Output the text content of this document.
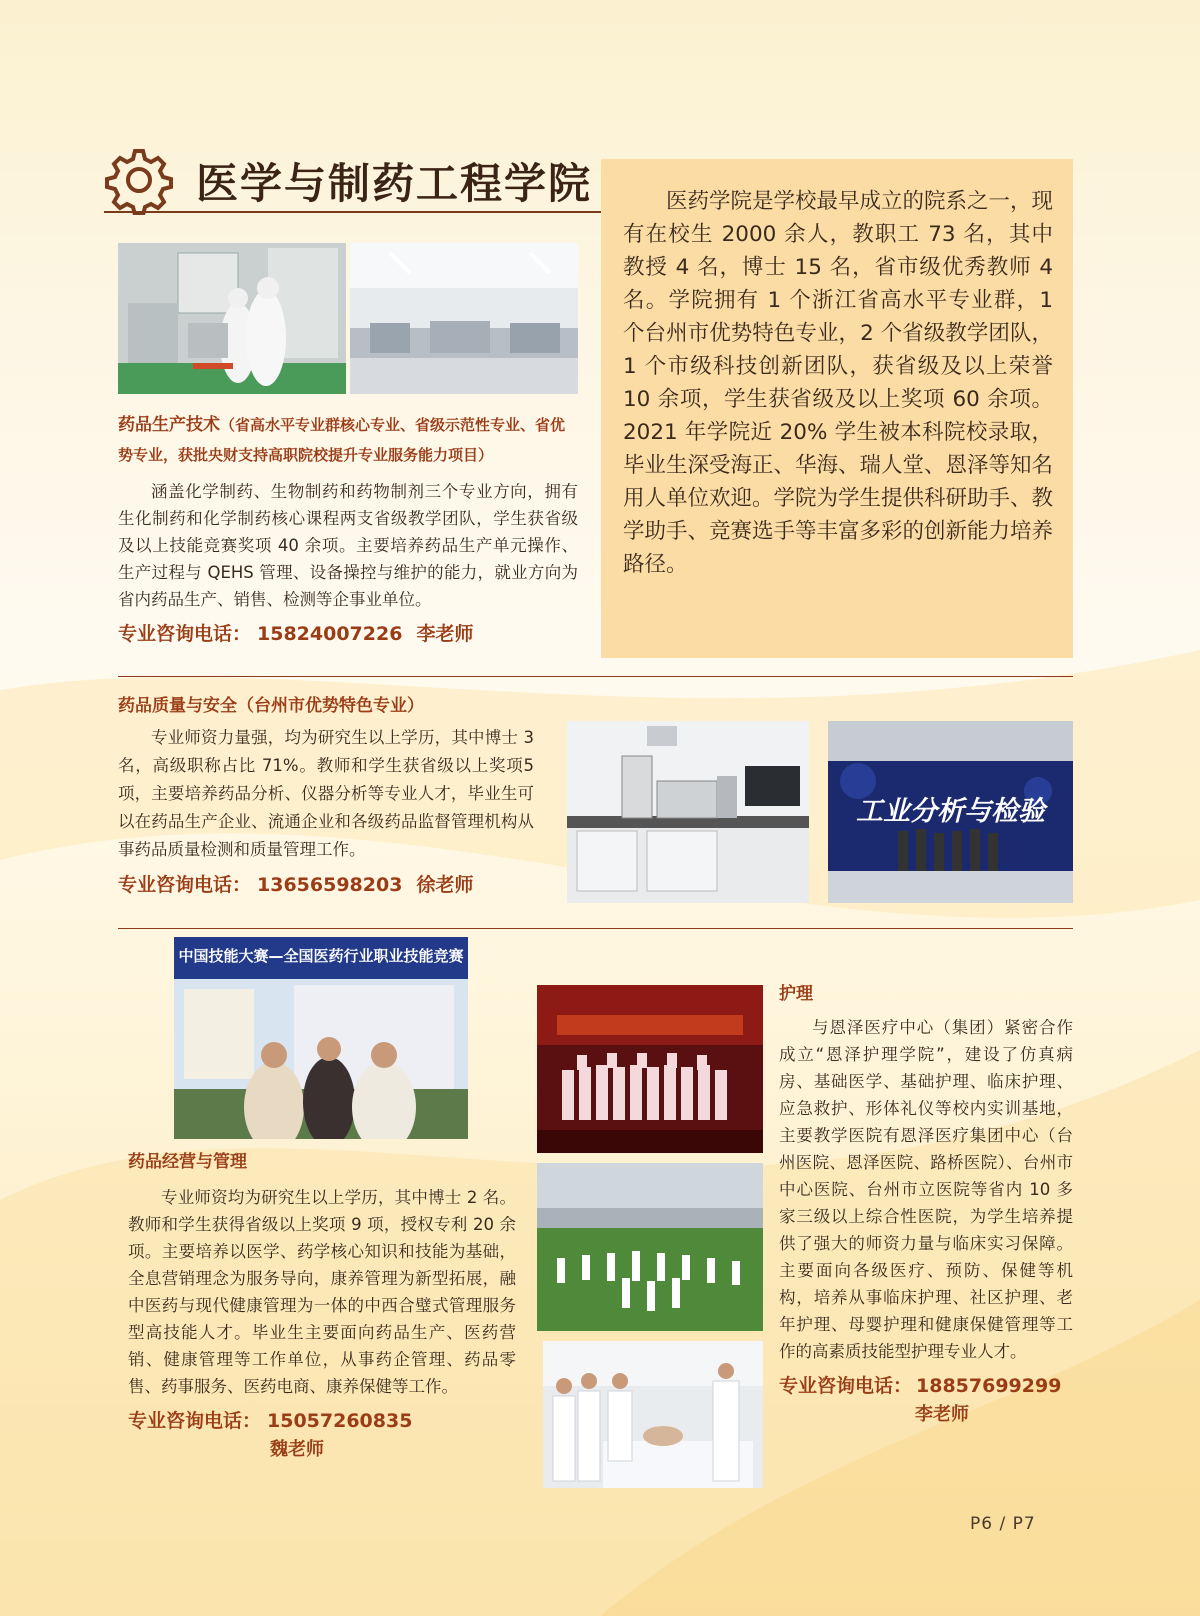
医学与制药工程学院	医药学院是学校最早成立的院系之一，现有在校生 2000 余人，教职工 73 名，其中教授 4 名，博士 15 名，省市级优秀教师 4 名。学院拥有 1 个浙江省高水平专业群，1 个台州市优势特色专业，2 个省级教学团队，1 个市级科技创新团队，获省级及以上荣誉 10 余项，学生获省级及以上奖项 60 余项。2021 年学院近 20% 学生被本科院校录取，毕业生深受海正、华海、瑞人堂、恩泽等知名用人单位欢迎。学院为学生提供科研助手、教学助手、竞赛选手等丰富多彩的创新能力培养路径。
药品生产技术（省高水平专业群核心专业、省级示范性专业、省优势专业，获批央财支持高职院校提升专业服务能力项目）
涵盖化学制药、生物制药和药物制剂三个专业方向，拥有生化制药和化学制药核心课程两支省级教学团队，学生获省级及以上技能竞赛奖项 40 余项。主要培养药品生产单元操作、生产过程与 QEHS 管理、设备操控与维护的能力，就业方向为省内药品生产、销售、检测等企事业单位。
专业咨询电话： 15824007226 李老师
药品质量与安全（台州市优势特色专业）
专业师资力量强，均为研究生以上学历，其中博士 3 名，高级职称占比 71%。教师和学生获省级以上奖项5项，主要培养药品分析、仪器分析等专业人才，毕业生可以在药品生产企业、流通企业和各级药品监督管理机构从事药品质量检测和质量管理工作。
专业咨询电话： 13656598203 徐老师
工业分析与检验
中国技能大赛—全国医药行业职业技能竞赛
药品经营与管理
专业师资均为研究生以上学历，其中博士 2 名。教师和学生获得省级以上奖项 9 项，授权专利 20 余项。主要培养以医学、药学核心知识和技能为基础，全息营销理念为服务导向，康养管理为新型拓展，融中医药与现代健康管理为一体的中西合璧式管理服务型高技能人才。毕业生主要面向药品生产、医药营销、健康管理等工作单位，从事药企管理、药品零售、药事服务、医药电商、康养保健等工作。
专业咨询电话： 15057260835
魏老师
护理
与恩泽医疗中心（集团）紧密合作成立“恩泽护理学院”，建设了仿真病房、基础医学、基础护理、临床护理、应急救护、形体礼仪等校内实训基地，主要教学医院有恩泽医疗集团中心（台州医院、恩泽医院、路桥医院）、台州市中心医院、台州市立医院等省内 10 多家三级以上综合性医院，为学生培养提供了强大的师资力量与临床实习保障。主要面向各级医疗、预防、保健等机构，培养从事临床护理、社区护理、老年护理、母婴护理和健康保健管理等工作的高素质技能型护理专业人才。
专业咨询电话： 18857699299
李老师
P6 / P7
